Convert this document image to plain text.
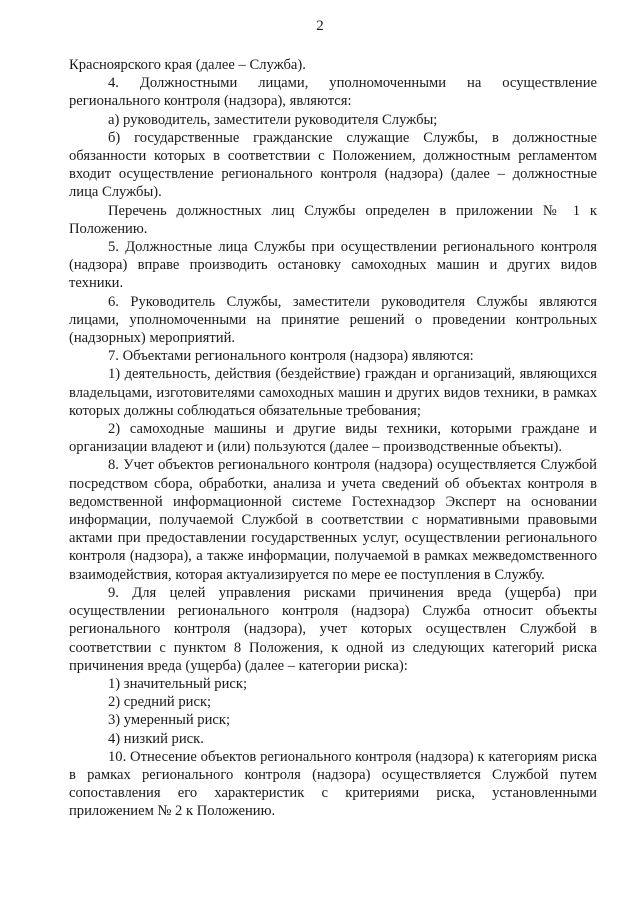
2

Красноярского края (далее – Служба).

4. Должностными лицами, уполномоченными на осуществление регионального контроля (надзора), являются:

а) руководитель, заместители руководителя Службы;

б) государственные гражданские служащие Службы, в должностные обязанности которых в соответствии с Положением, должностным регламентом входит осуществление регионального контроля (надзора) (далее – должностные лица Службы).

Перечень должностных лиц Службы определен в приложении № 1 к Положению.

5. Должностные лица Службы при осуществлении регионального контроля (надзора) вправе производить остановку самоходных машин и других видов техники.

6. Руководитель Службы, заместители руководителя Службы являются лицами, уполномоченными на принятие решений о проведении контрольных (надзорных) мероприятий.

7. Объектами регионального контроля (надзора) являются:

1) деятельность, действия (бездействие) граждан и организаций, являющихся владельцами, изготовителями самоходных машин и других видов техники, в рамках которых должны соблюдаться обязательные требования;

2) самоходные машины и другие виды техники, которыми граждане и организации владеют и (или) пользуются (далее – производственные объекты).

8. Учет объектов регионального контроля (надзора) осуществляется Службой посредством сбора, обработки, анализа и учета сведений об объектах контроля в ведомственной информационной системе Гостехнадзор Эксперт на основании информации, получаемой Службой в соответствии с нормативными правовыми актами при предоставлении государственных услуг, осуществлении регионального контроля (надзора), а также информации, получаемой в рамках межведомственного взаимодействия, которая актуализируется по мере ее поступления в Службу.

9. Для целей управления рисками причинения вреда (ущерба) при осуществлении регионального контроля (надзора) Служба относит объекты регионального контроля (надзора), учет которых осуществлен Службой в соответствии с пунктом 8 Положения, к одной из следующих категорий риска причинения вреда (ущерба) (далее – категории риска):

1) значительный риск;

2) средний риск;

3) умеренный риск;

4) низкий риск.

10. Отнесение объектов регионального контроля (надзора) к категориям риска в рамках регионального контроля (надзора) осуществляется Службой путем сопоставления его характеристик с критериями риска, установленными приложением № 2 к Положению.
